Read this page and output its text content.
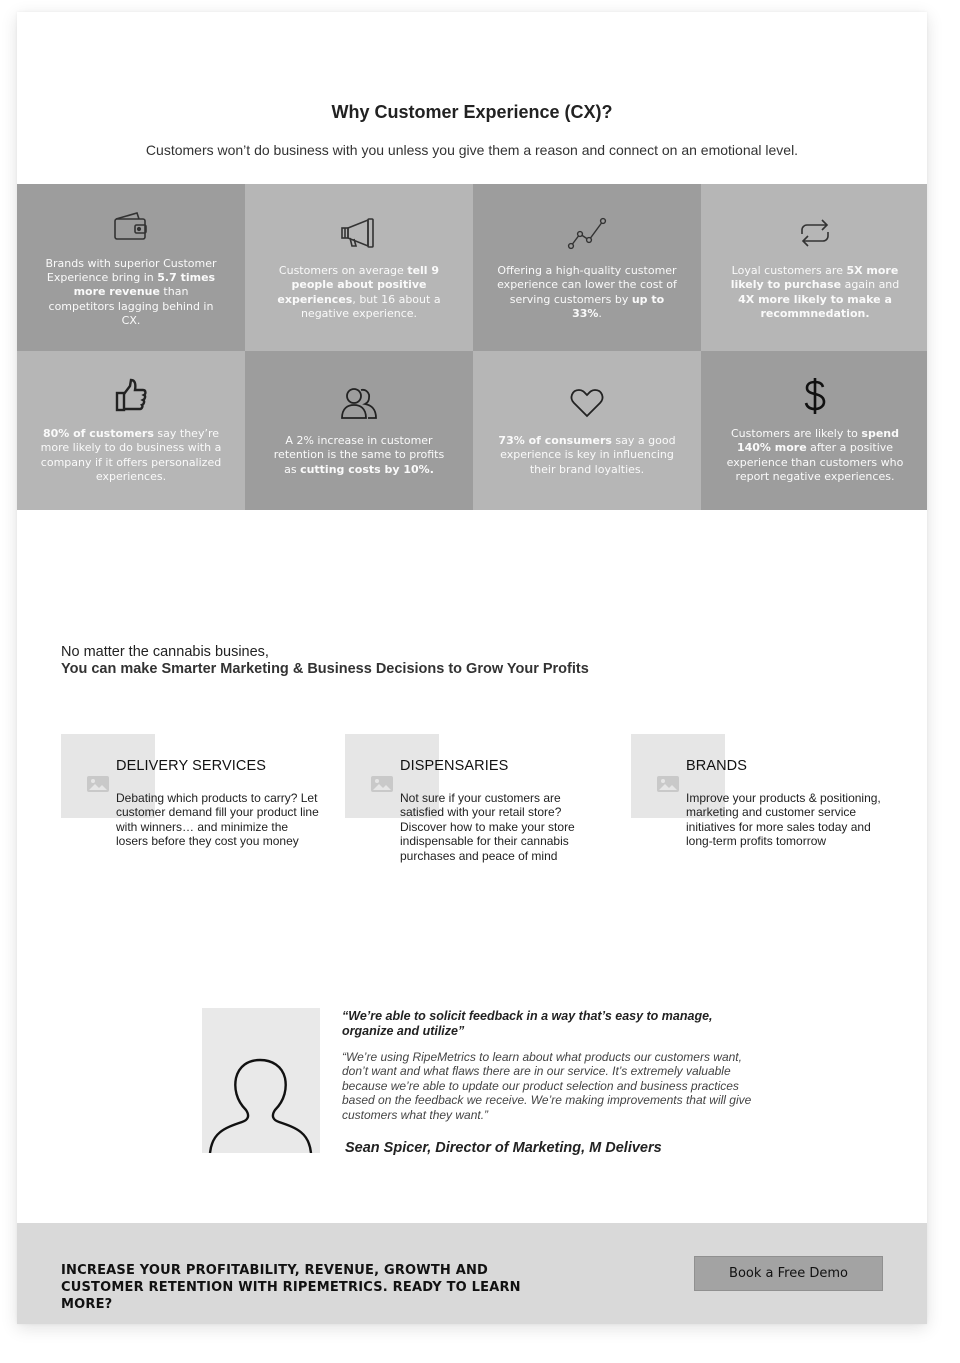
Why Customer Experience (CX)?

Customers won’t do business with you unless you give them a reason and connect on an emotional level.

Brands with superior Customer Experience bring in 5.7 times more revenue than competitors lagging behind in CX.
Customers on average tell 9 people about positive experiences, but 16 about a negative experience.
Offering a high-quality customer experience can lower the cost of serving customers by up to 33%.
Loyal customers are 5X more likely to purchase again and 4X more likely to make a recommnedation.
80% of customers say they’re more likely to do business with a company if it offers personalized experiences.
A 2% increase in customer retention is the same to profits as cutting costs by 10%.
73% of consumers say a good experience is key in influencing their brand loyalties.
Customers are likely to spend 140% more after a positive experience than customers who report negative experiences.
No matter the cannabis busines,
You can make Smarter Marketing & Business Decisions to Grow Your Profits
DELIVERY SERVICES

Debating which products to carry? Let customer demand fill your product line with winners… and minimize the losers before they cost you money

DISPENSARIES

Not sure if your customers are satisfied with your retail store? Discover how to make your store indispensable for their cannabis purchases and peace of mind

BRANDS

Improve your products & positioning, marketing and customer service initiatives for more sales today and long-term profits tomorrow

“We’re able to solicit feedback in a way that’s easy to manage, organize and utilize”
“We’re using RipeMetrics to learn about what products our customers want, don’t want and what flaws there are in our service. It’s extremely valuable because we’re able to update our product selection and business practices based on the feedback we receive. We’re making improvements that will give customers what they want.”
Sean Spicer, Director of Marketing, M Delivers
INCREASE YOUR PROFITABILITY, REVENUE, GROWTH AND CUSTOMER RETENTION WITH RIPEMETRICS. READY TO LEARN MORE?
Book a Free Demo
